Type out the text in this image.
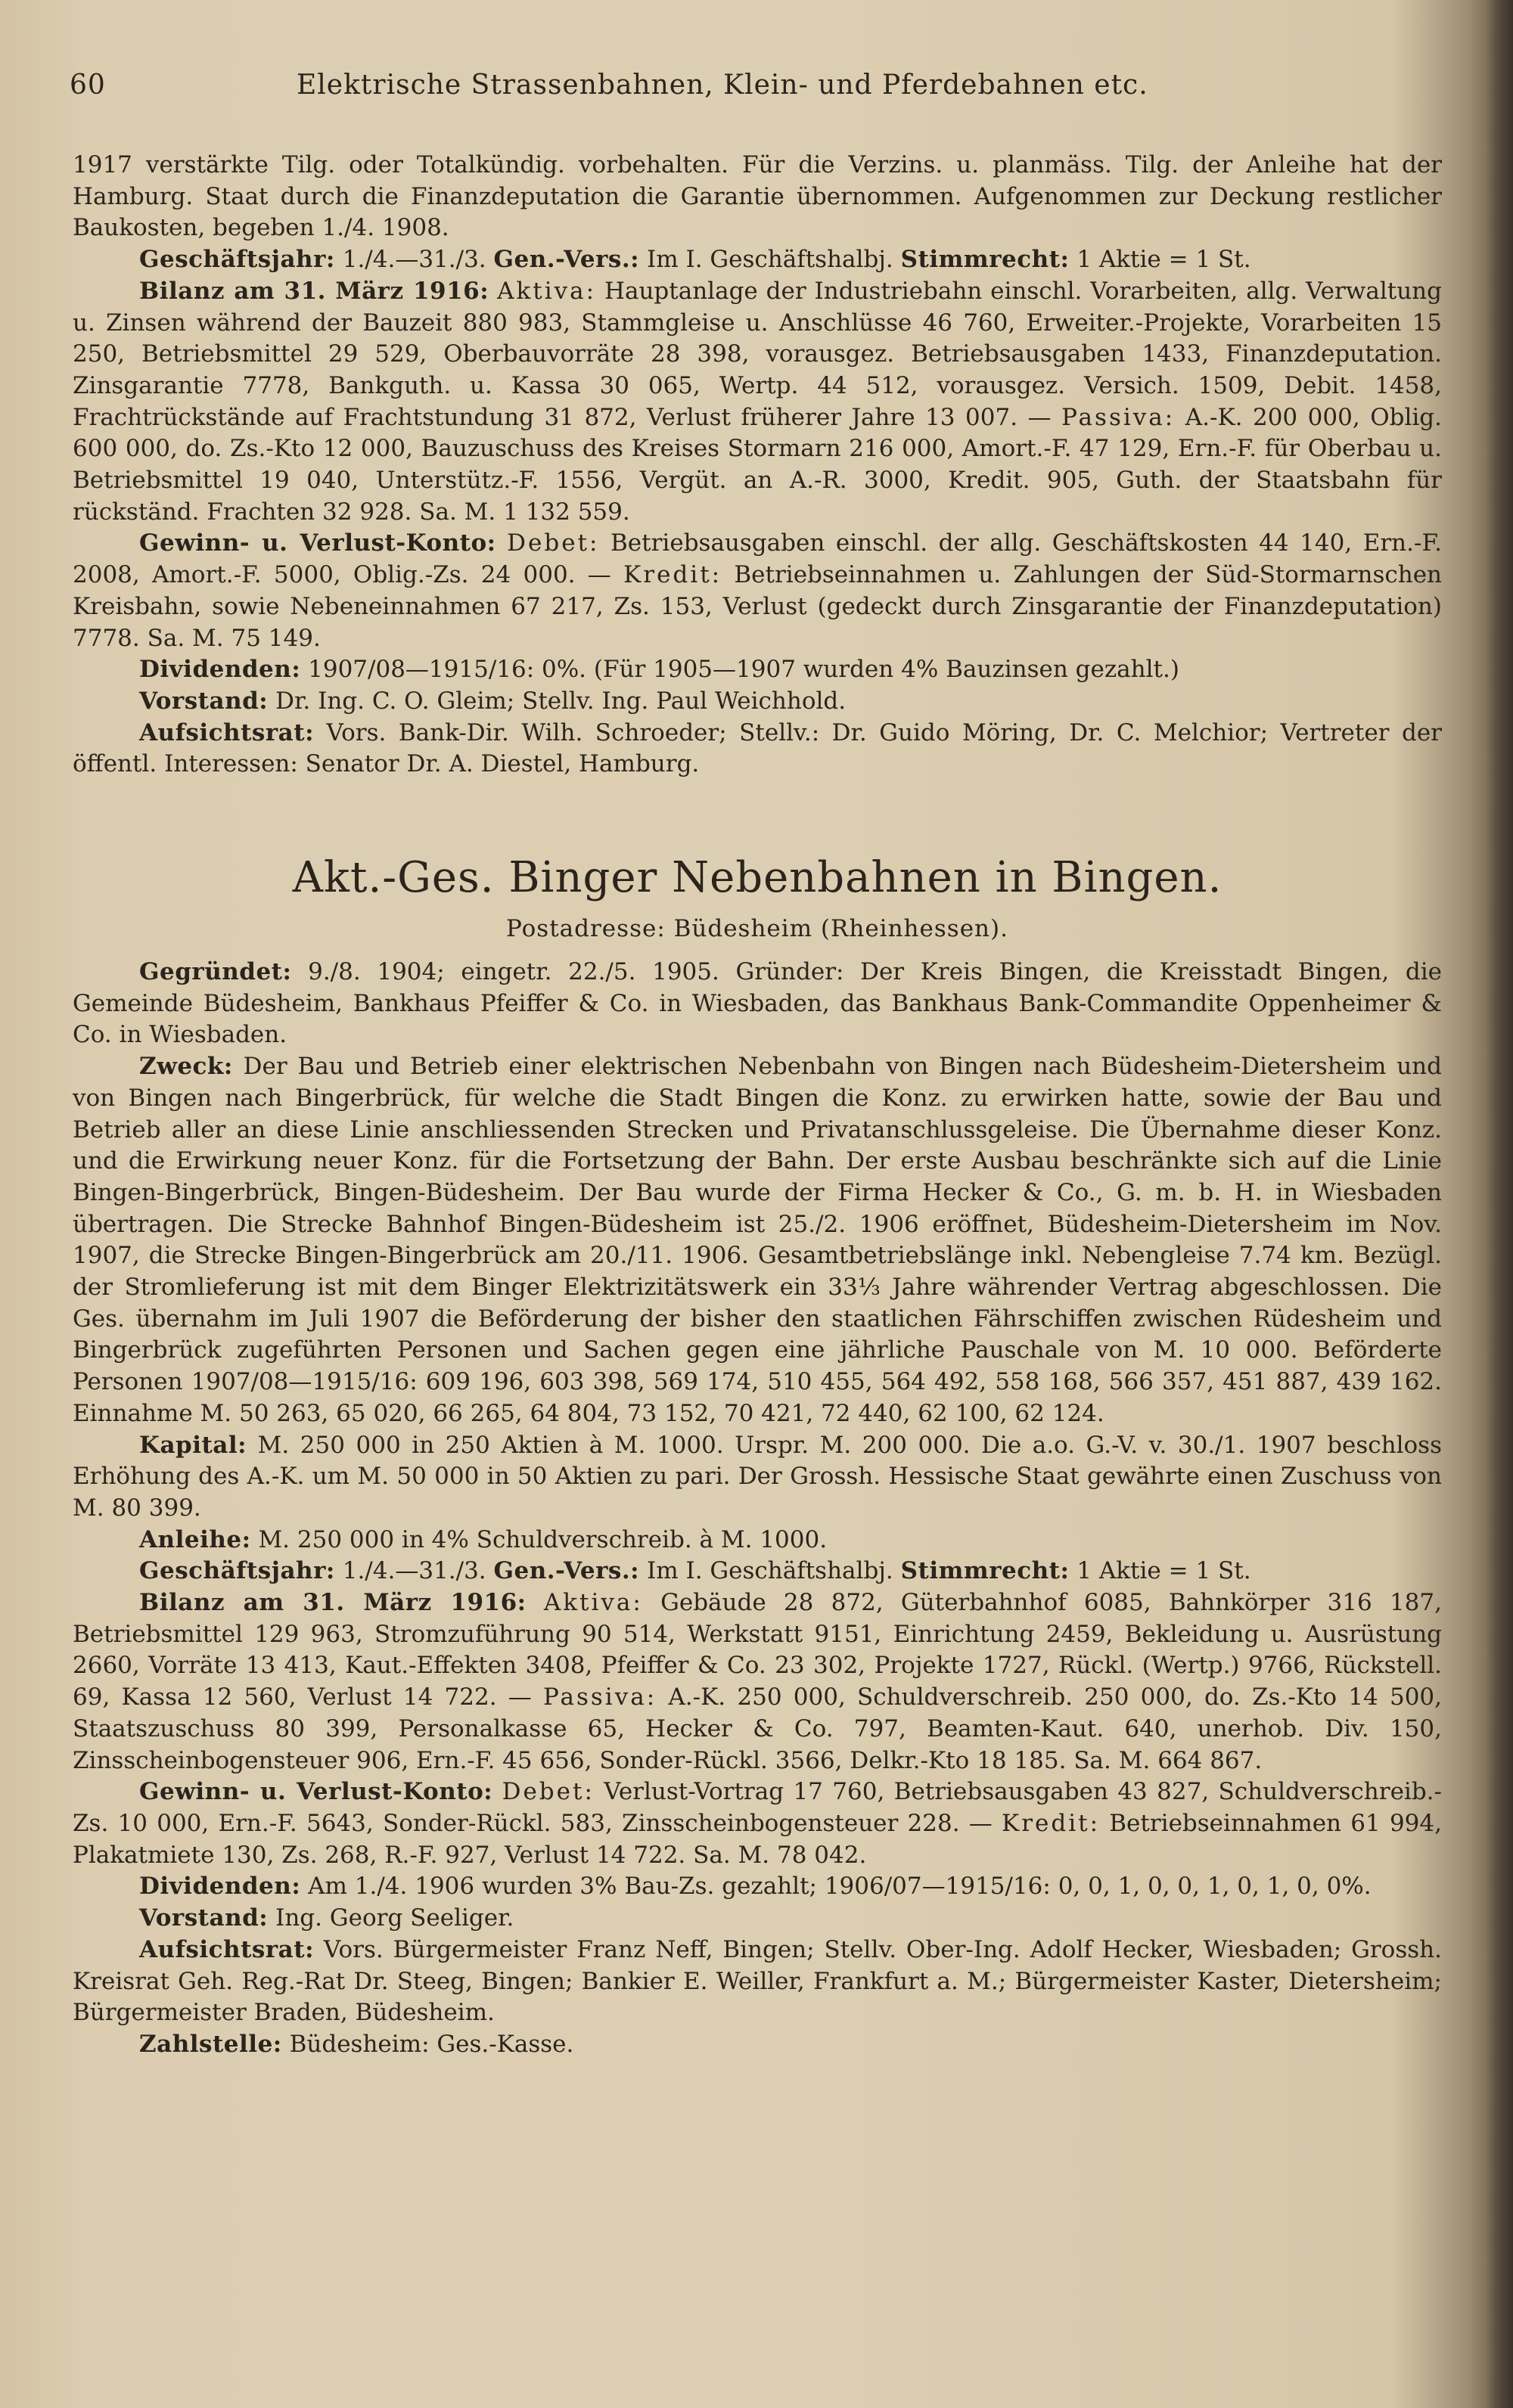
60	Elektrische Strassenbahnen, Klein- und Pferdebahnen etc.

1917 verstärkte Tilg. oder Totalkündig. vorbehalten. Für die Verzins. u. planmäss. Tilg. der Anleihe hat der Hamburg. Staat durch die Finanzdeputation die Garantie übernommen. Aufgenommen zur Deckung restlicher Baukosten, begeben 1./4. 1908.

Geschäftsjahr: 1./4.—31./3. Gen.-Vers.: Im I. Geschäftshalbj. Stimmrecht: 1 Aktie = 1 St.

Bilanz am 31. März 1916: Aktiva: Hauptanlage der Industriebahn einschl. Vorarbeiten, allg. Verwaltung u. Zinsen während der Bauzeit 880 983, Stammgleise u. Anschlüsse 46 760, Erweiter.-Projekte, Vorarbeiten 15 250, Betriebsmittel 29 529, Oberbauvorräte 28 398, vorausgez. Betriebsausgaben 1433, Finanzdeputation. Zinsgarantie 7778, Bankguth. u. Kassa 30 065, Wertp. 44 512, vorausgez. Versich. 1509, Debit. 1458, Frachtrückstände auf Frachtstundung 31 872, Verlust früherer Jahre 13 007. — Passiva: A.-K. 200 000, Oblig. 600 000, do. Zs.-Kto 12 000, Bauzuschuss des Kreises Stormarn 216 000, Amort.-F. 47 129, Ern.-F. für Oberbau u. Betriebsmittel 19 040, Unterstütz.-F. 1556, Vergüt. an A.-R. 3000, Kredit. 905, Guth. der Staatsbahn für rückständ. Frachten 32 928. Sa. M. 1 132 559.

Gewinn- u. Verlust-Konto: Debet: Betriebsausgaben einschl. der allg. Geschäftskosten 44 140, Ern.-F. 2008, Amort.-F. 5000, Oblig.-Zs. 24 000. — Kredit: Betriebseinnahmen u. Zahlungen der Süd-Stormarnschen Kreisbahn, sowie Nebeneinnahmen 67 217, Zs. 153, Verlust (gedeckt durch Zinsgarantie der Finanzdeputation) 7778. Sa. M. 75 149.

Dividenden: 1907/08—1915/16: 0%. (Für 1905—1907 wurden 4% Bauzinsen gezahlt.)

Vorstand: Dr. Ing. C. O. Gleim; Stellv. Ing. Paul Weichhold.

Aufsichtsrat: Vors. Bank-Dir. Wilh. Schroeder; Stellv.: Dr. Guido Möring, Dr. C. Melchior; Vertreter der öffentl. Interessen: Senator Dr. A. Diestel, Hamburg.

Akt.-Ges. Binger Nebenbahnen in Bingen.
Postadresse: Büdesheim (Rheinhessen).

Gegründet: 9./8. 1904; eingetr. 22./5. 1905. Gründer: Der Kreis Bingen, die Kreisstadt Bingen, die Gemeinde Büdesheim, Bankhaus Pfeiffer & Co. in Wiesbaden, das Bankhaus Bank-Commandite Oppenheimer & Co. in Wiesbaden.

Zweck: Der Bau und Betrieb einer elektrischen Nebenbahn von Bingen nach Büdesheim-Dietersheim und von Bingen nach Bingerbrück, für welche die Stadt Bingen die Konz. zu erwirken hatte, sowie der Bau und Betrieb aller an diese Linie anschliessenden Strecken und Privatanschlussgeleise. Die Übernahme dieser Konz. und die Erwirkung neuer Konz. für die Fortsetzung der Bahn. Der erste Ausbau beschränkte sich auf die Linie Bingen-Bingerbrück, Bingen-Büdesheim. Der Bau wurde der Firma Hecker & Co., G. m. b. H. in Wiesbaden übertragen. Die Strecke Bahnhof Bingen-Büdesheim ist 25./2. 1906 eröffnet, Büdesheim-Dietersheim im Nov. 1907, die Strecke Bingen-Bingerbrück am 20./11. 1906. Gesamtbetriebslänge inkl. Nebengleise 7.74 km. Bezügl. der Stromlieferung ist mit dem Binger Elektrizitätswerk ein 33⅓ Jahre währender Vertrag abgeschlossen. Die Ges. übernahm im Juli 1907 die Beförderung der bisher den staatlichen Fährschiffen zwischen Rüdesheim und Bingerbrück zugeführten Personen und Sachen gegen eine jährliche Pauschale von M. 10 000. Beförderte Personen 1907/08—1915/16: 609 196, 603 398, 569 174, 510 455, 564 492, 558 168, 566 357, 451 887, 439 162. Einnahme M. 50 263, 65 020, 66 265, 64 804, 73 152, 70 421, 72 440, 62 100, 62 124.

Kapital: M. 250 000 in 250 Aktien à M. 1000. Urspr. M. 200 000. Die a.o. G.-V. v. 30./1. 1907 beschloss Erhöhung des A.-K. um M. 50 000 in 50 Aktien zu pari. Der Grossh. Hessische Staat gewährte einen Zuschuss von M. 80 399.

Anleihe: M. 250 000 in 4% Schuldverschreib. à M. 1000.

Geschäftsjahr: 1./4.—31./3. Gen.-Vers.: Im I. Geschäftshalbj. Stimmrecht: 1 Aktie = 1 St.

Bilanz am 31. März 1916: Aktiva: Gebäude 28 872, Güterbahnhof 6085, Bahnkörper 316 187, Betriebsmittel 129 963, Stromzuführung 90 514, Werkstatt 9151, Einrichtung 2459, Bekleidung u. Ausrüstung 2660, Vorräte 13 413, Kaut.-Effekten 3408, Pfeiffer & Co. 23 302, Projekte 1727, Rückl. (Wertp.) 9766, Rückstell. 69, Kassa 12 560, Verlust 14 722. — Passiva: A.-K. 250 000, Schuldverschreib. 250 000, do. Zs.-Kto 14 500, Staatszuschuss 80 399, Personalkasse 65, Hecker & Co. 797, Beamten-Kaut. 640, unerhob. Div. 150, Zinsscheinbogensteuer 906, Ern.-F. 45 656, Sonder-Rückl. 3566, Delkr.-Kto 18 185. Sa. M. 664 867.

Gewinn- u. Verlust-Konto: Debet: Verlust-Vortrag 17 760, Betriebsausgaben 43 827, Schuldverschreib.-Zs. 10 000, Ern.-F. 5643, Sonder-Rückl. 583, Zinsscheinbogensteuer 228. — Kredit: Betriebseinnahmen 61 994, Plakatmiete 130, Zs. 268, R.-F. 927, Verlust 14 722. Sa. M. 78 042.

Dividenden: Am 1./4. 1906 wurden 3% Bau-Zs. gezahlt; 1906/07—1915/16: 0, 0, 1, 0, 0, 1, 0, 1, 0, 0%.

Vorstand: Ing. Georg Seeliger.

Aufsichtsrat: Vors. Bürgermeister Franz Neff, Bingen; Stellv. Ober-Ing. Adolf Hecker, Wiesbaden; Grossh. Kreisrat Geh. Reg.-Rat Dr. Steeg, Bingen; Bankier E. Weiller, Frankfurt a. M.; Bürgermeister Kaster, Dietersheim; Bürgermeister Braden, Büdesheim.

Zahlstelle: Büdesheim: Ges.-Kasse.
